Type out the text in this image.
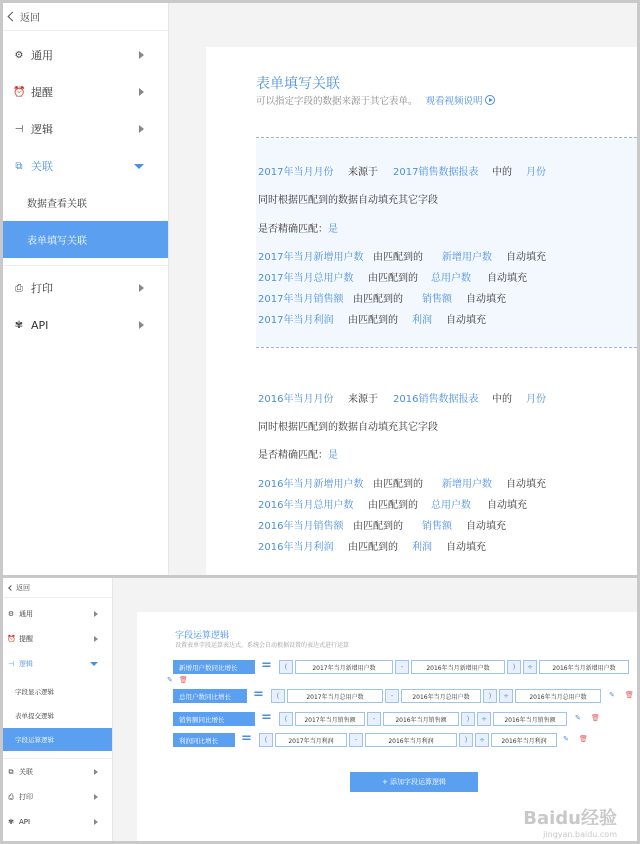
返回
⚙ 通用
⏰ 提醒
⊣ 逻辑
⧉ 关联
数据查看关联
表单填写关联
⎙ 打印
✾ API
表单填写关联
可以指定字段的数据来源于其它表单。 观看视频说明
2017年当月月份 来源于 2017销售数据报表 中的 月份
同时根据匹配到的数据自动填充其它字段
是否精确匹配： 是
2017年当月新增用户数 由匹配到的 新增用户数 自动填充
2017年当月总用户数 由匹配到的 总用户数 自动填充
2017年当月销售额 由匹配到的 销售额 自动填充
2017年当月利润 由匹配到的 利润 自动填充
2016年当月月份 来源于 2016销售数据报表 中的 月份
同时根据匹配到的数据自动填充其它字段
是否精确匹配： 是
2016年当月新增用户数 由匹配到的 新增用户数 自动填充
2016年当月总用户数 由匹配到的 总用户数 自动填充
2016年当月销售额 由匹配到的 销售额 自动填充
2016年当月利润 由匹配到的 利润 自动填充
返回
⚙ 通用
⏰ 提醒
⊣ 逻辑
字段显示逻辑
表单提交逻辑
字段运算逻辑
⧉ 关联
⎙ 打印
✾ API
字段运算逻辑
设置表单字段运算表达式，系统会自动根据设置的表达式进行运算
新增用户数同比增长	=	(	2017年当月新增用户数	-	2016年当月新增用户数	)	÷	2016年当月新增用户数
✎ 🗑
总用户数同比增长	=	(	2017年当月总用户数	-	2016年当月总用户数	)	÷	2016年当月总用户数	✎ 🗑
销售额同比增长	=	(	2017年当月销售额	-	2016年当月销售额	)	÷	2016年当月销售额	✎ 🗑
利润同比增长	=	(	2017年当月利润	-	2016年当月利润	)	÷	2016年当月利润	✎ 🗑
+ 添加字段运算逻辑
Baidu经验
jingyan.baidu.com
